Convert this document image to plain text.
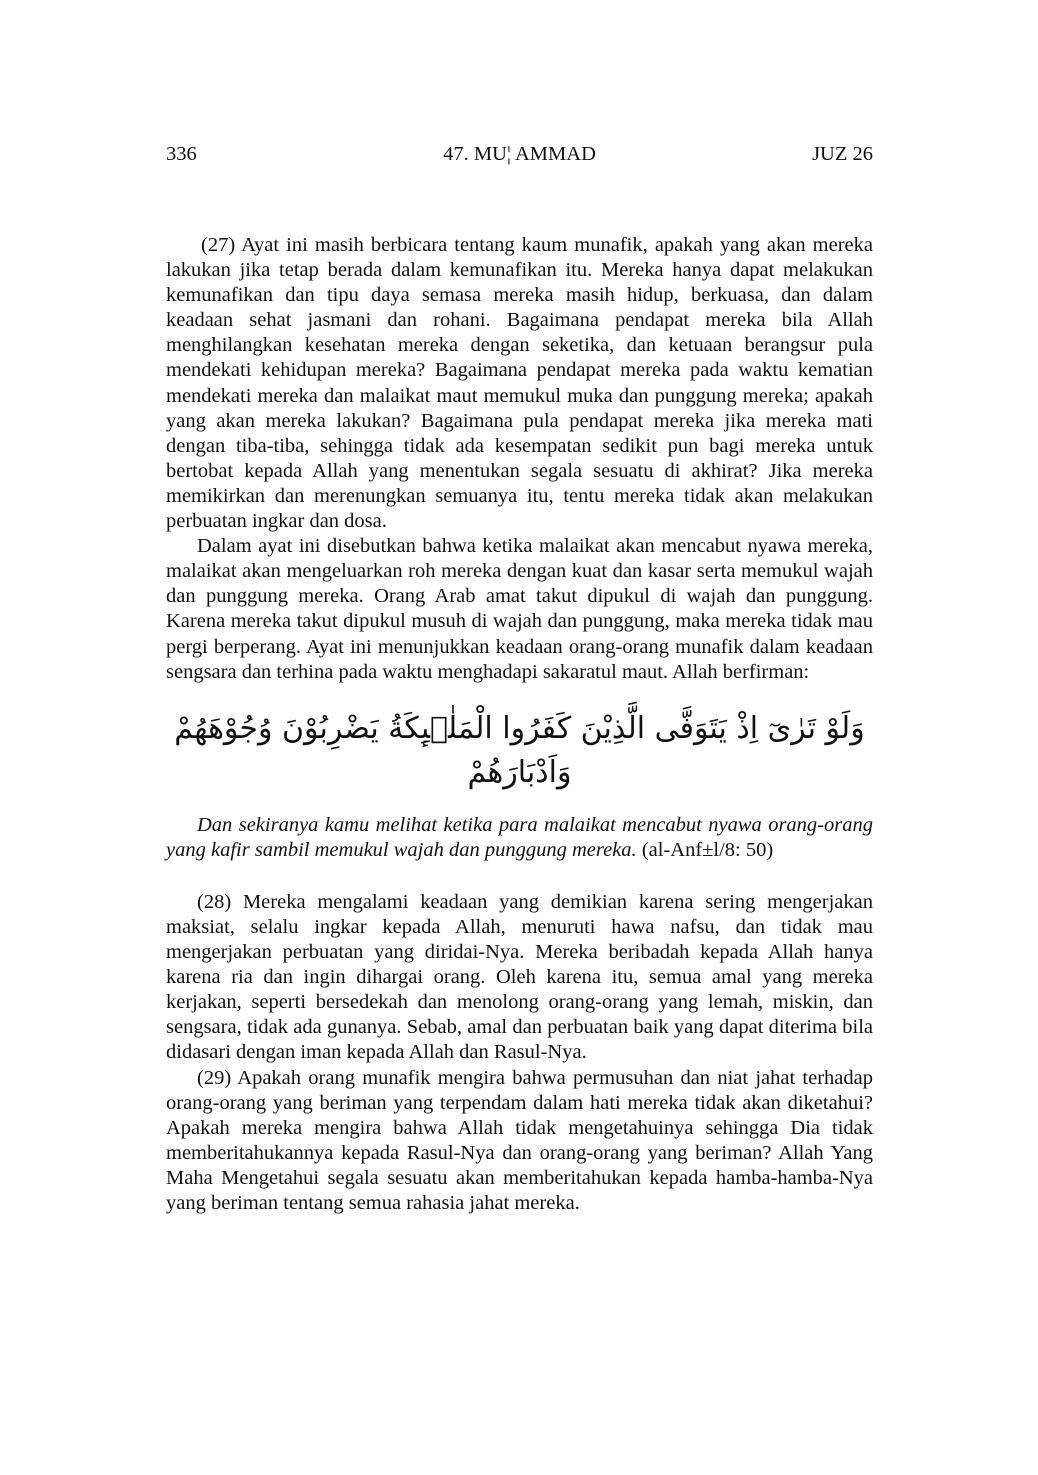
336	47. MU¦ AMMAD	JUZ 26

(27) Ayat ini masih berbicara tentang kaum munafik, apakah yang akan mereka lakukan jika tetap berada dalam kemunafikan itu. Mereka hanya dapat melakukan kemunafikan dan tipu daya semasa mereka masih hidup, berkuasa, dan dalam keadaan sehat jasmani dan rohani. Bagaimana pendapat mereka bila Allah menghilangkan kesehatan mereka dengan seketika, dan ketuaan berangsur pula mendekati kehidupan mereka? Bagaimana pendapat mereka pada waktu kematian mendekati mereka dan malaikat maut memukul muka dan punggung mereka; apakah yang akan mereka lakukan? Bagaimana pula pendapat mereka jika mereka mati dengan tiba-tiba, sehingga tidak ada kesempatan sedikit pun bagi mereka untuk bertobat kepada Allah yang menentukan segala sesuatu di akhirat? Jika mereka memikirkan dan merenungkan semuanya itu, tentu mereka tidak akan melakukan perbuatan ingkar dan dosa.

Dalam ayat ini disebutkan bahwa ketika malaikat akan mencabut nyawa mereka, malaikat akan mengeluarkan roh mereka dengan kuat dan kasar serta memukul wajah dan punggung mereka. Orang Arab amat takut dipukul di wajah dan punggung. Karena mereka takut dipukul musuh di wajah dan punggung, maka mereka tidak mau pergi berperang. Ayat ini menunjukkan keadaan orang-orang munafik dalam keadaan sengsara dan terhina pada waktu menghadapi sakaratul maut. Allah berfirman:

وَلَوْ تَرٰىٓ اِذْ يَتَوَفَّى الَّذِيْنَ كَفَرُوا الْمَلٰۤىِٕكَةُ يَضْرِبُوْنَ وُجُوْهَهُمْ وَاَدْبَارَهُمْ

Dan sekiranya kamu melihat ketika para malaikat mencabut nyawa orang-orang yang kafir sambil memukul wajah dan punggung mereka. (al-Anf±l/8: 50)

(28) Mereka mengalami keadaan yang demikian karena sering mengerjakan maksiat, selalu ingkar kepada Allah, menuruti hawa nafsu, dan tidak mau mengerjakan perbuatan yang diridai-Nya. Mereka beribadah kepada Allah hanya karena ria dan ingin dihargai orang. Oleh karena itu, semua amal yang mereka kerjakan, seperti bersedekah dan menolong orang-orang yang lemah, miskin, dan sengsara, tidak ada gunanya. Sebab, amal dan perbuatan baik yang dapat diterima bila didasari dengan iman kepada Allah dan Rasul-Nya.

(29) Apakah orang munafik mengira bahwa permusuhan dan niat jahat terhadap orang-orang yang beriman yang terpendam dalam hati mereka tidak akan diketahui? Apakah mereka mengira bahwa Allah tidak mengetahuinya sehingga Dia tidak memberitahukannya kepada Rasul-Nya dan orang-orang yang beriman? Allah Yang Maha Mengetahui segala sesuatu akan memberitahukan kepada hamba-hamba-Nya yang beriman tentang semua rahasia jahat mereka.
